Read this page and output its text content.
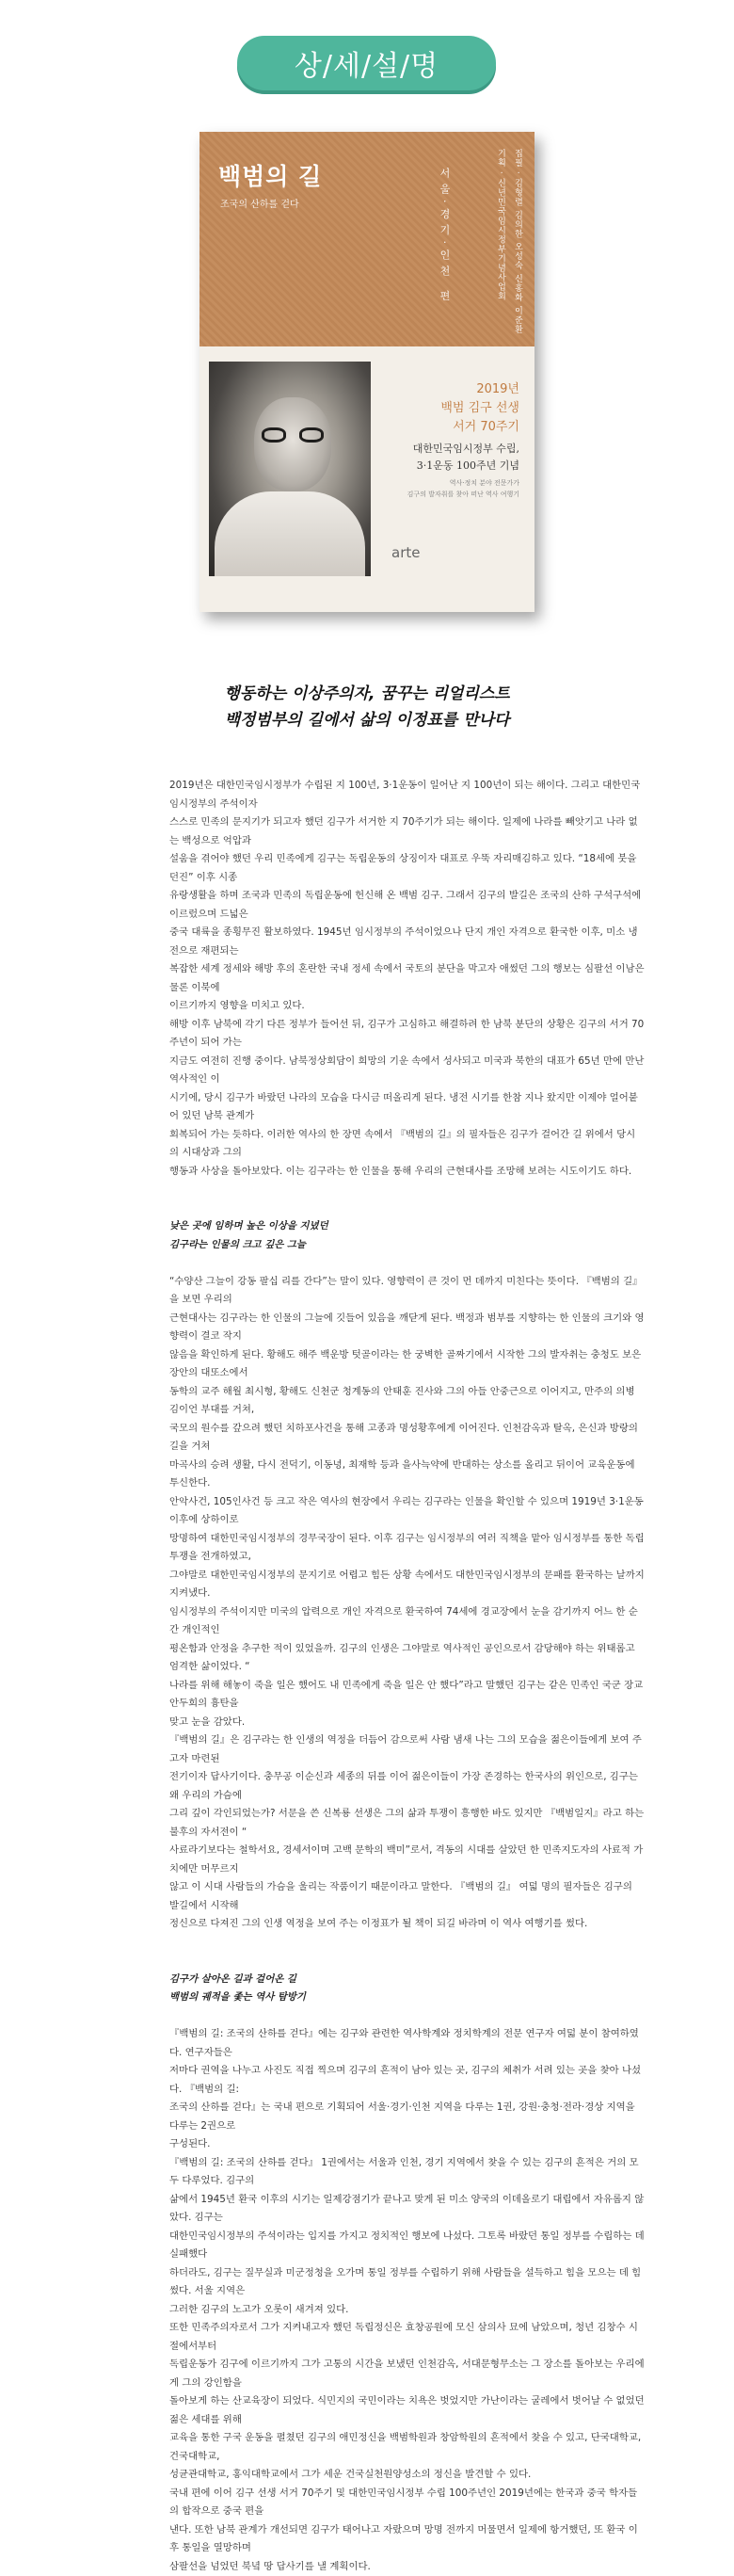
상/세/설/명
백범의 길
조국의 산하를 걷다	서울·경기·인천 편	기획 · 신년민국임시정부기념사업회 집필 · 김형렬 김의한 오성숙 신홍화 이준환
2019년
백범 김구 선생
서거 70주기
대한민국임시정부 수립,
3·1운동 100주년 기념
역사·정치 분야 전문가가
김구의 발자취를 찾아 떠난 역사 여행기
arte
행동하는 이상주의자, 꿈꾸는 리얼리스트
백정범부의 길에서 삶의 이정표를 만나다

2019년은 대한민국임시정부가 수립된 지 100년, 3·1운동이 일어난 지 100년이 되는 해이다. 그리고 대한민국임시정부의 주석이자

스스로 민족의 문지기가 되고자 했던 김구가 서거한 지 70주기가 되는 해이다. 일제에 나라를 빼앗기고 나라 없는 백성으로 억압과

설움을 겪어야 했던 우리 민족에게 김구는 독립운동의 상징이자 대표로 우뚝 자리매김하고 있다. “18세에 붓을 던진” 이후 시종

유랑생활을 하며 조국과 민족의 독립운동에 헌신해 온 백범 김구. 그래서 김구의 발길은 조국의 산하 구석구석에 이르렀으며 드넓은

중국 대륙을 종횡무진 활보하였다. 1945년 임시정부의 주석이었으나 단지 개인 자격으로 환국한 이후, 미소 냉전으로 재편되는

복잡한 세계 정세와 해방 후의 혼란한 국내 정세 속에서 국토의 분단을 막고자 애썼던 그의 행보는 심팔선 이남은 물론 이북에

이르기까지 영향을 미치고 있다.

해방 이후 남북에 각기 다른 정부가 들어선 뒤, 김구가 고심하고 해결하려 한 남북 분단의 상황은 김구의 서거 70주년이 되어 가는

지금도 여전히 진행 중이다. 남북정상회담이 희망의 기운 속에서 성사되고 미국과 북한의 대표가 65년 만에 만난 역사적인 이

시기에, 당시 김구가 바랐던 나라의 모습을 다시금 떠올리게 된다. 냉전 시기를 한참 지나 왔지만 이제야 얼어붙어 있던 남북 관계가

회복되어 가는 듯하다. 이러한 역사의 한 장면 속에서 『백범의 길』의 필자들은 김구가 걸어간 길 위에서 당시의 시대상과 그의

행동과 사상을 돌아보았다. 이는 김구라는 한 인물을 통해 우리의 근현대사를 조망해 보려는 시도이기도 하다.

낮은 곳에 임하며 높은 이상을 지녔던

김구라는 인물의 크고 깊은 그늘

“수양산 그늘이 강동 팔십 리를 간다”는 말이 있다. 영향력이 큰 것이 먼 데까지 미친다는 뜻이다. 『백범의 길』을 보면 우리의

근현대사는 김구라는 한 인물의 그늘에 깃들어 있음을 깨닫게 된다. 백정과 범부를 지향하는 한 인물의 크기와 영향력이 결코 작지

않음을 확인하게 된다. 황해도 해주 백운방 텃골이라는 한 궁벽한 골짜기에서 시작한 그의 발자취는 충청도 보은 장안의 대또소에서

동학의 교주 해월 최시형, 황해도 신천군 청계동의 안태훈 진사와 그의 아들 안중근으로 이어지고, 만주의 의병 김이언 부대를 거쳐,

국모의 원수를 갚으려 했던 치하포사건을 통해 고종과 명성황후에게 이어진다. 인천감옥과 탈옥, 은신과 방랑의 길을 거쳐

마곡사의 승려 생활, 다시 전덕기, 이동녕, 최재학 등과 을사늑약에 반대하는 상소를 올리고 뒤이어 교육운동에 투신한다.

안악사건, 105인사건 등 크고 작은 역사의 현장에서 우리는 김구라는 인물을 확인할 수 있으며 1919년 3·1운동 이후에 상하이로

망명하여 대한민국임시정부의 경무국장이 된다. 이후 김구는 임시정부의 여러 직책을 맡아 임시정부를 통한 독립투쟁을 전개하였고,

그야말로 대한민국임시정부의 문지기로 어렵고 힘든 상황 속에서도 대한민국임시정부의 문패를 환국하는 날까지 지켜냈다.

임시정부의 주석이지만 미국의 압력으로 개인 자격으로 환국하여 74세에 경교장에서 눈을 감기까지 어느 한 순간 개인적인

평온함과 안정을 추구한 적이 있었을까. 김구의 인생은 그야말로 역사적인 공인으로서 감당해야 하는 위태롭고 엄격한 삶이었다. “

나라를 위해 해놓이 죽을 일은 했어도 내 민족에게 죽을 일은 안 했다”라고 말했던 김구는 같은 민족인 국군 장교 안두희의 흉탄을

맞고 눈을 감았다.

『백범의 길』은 김구라는 한 인생의 역정을 더듬어 감으로써 사람 냄새 나는 그의 모습을 젊은이들에게 보여 주고자 마련된

전기이자 답사기이다. 충무공 이순신과 세종의 뒤를 이어 젊은이들이 가장 존경하는 한국사의 위인으로, 김구는 왜 우리의 가슴에

그리 깊이 각인되었는가? 서문을 쓴 신복룡 선생은 그의 삶과 투쟁이 흥행한 바도 있지만 『백범일지』라고 하는 불후의 자서전이 “

사료라기보다는 철학서요, 경세서이며 고백 문학의 백미”로서, 격동의 시대를 살았던 한 민족지도자의 사료적 가치에만 머무르지

않고 이 시대 사람들의 가슴을 울리는 작품이기 때문이라고 말한다. 『백범의 길』 여덟 명의 필자들은 김구의 발길에서 시작해

정신으로 다져진 그의 인생 역정을 보여 주는 이정표가 될 책이 되길 바라며 이 역사 여행기를 썼다.

김구가 살아온 길과 걸어온 길

백범의 궤적을 좇는 역사 탐방기

『백범의 길: 조국의 산하를 걷다』에는 김구와 관련한 역사학계와 정치학계의 전문 연구자 여덟 분이 참여하였다. 연구자들은

저마다 권역을 나누고 사진도 직접 찍으며 김구의 흔적이 남아 있는 곳, 김구의 체취가 서려 있는 곳을 찾아 나섰다. 『백범의 길:

조국의 산하를 걷다』는 국내 편으로 기획되어 서울·경기·인천 지역을 다루는 1권, 강원·충청·전라·경상 지역을 다루는 2권으로

구성된다.

『백범의 길: 조국의 산하를 걷다』 1권에서는 서울과 인천, 경기 지역에서 찾을 수 있는 김구의 흔적은 거의 모두 다루었다. 김구의

삶에서 1945년 환국 이후의 시기는 일제강점기가 끝나고 맞게 된 미소 양국의 이데올로기 대립에서 자유롭지 않았다. 김구는

대한민국임시정부의 주석이라는 입지를 가지고 정치적인 행보에 나섰다. 그토록 바랐던 통일 정부를 수립하는 데 실패했다

하더라도, 김구는 질무실과 미군정청을 오가며 통일 정부를 수립하기 위해 사람들을 설득하고 힘을 모으는 데 힘썼다. 서울 지역은

그러한 김구의 노고가 오롯이 새겨져 있다.

또한 민족주의자로서 그가 지켜내고자 했던 독립정신은 효창공원에 모신 삼의사 묘에 남았으며, 청년 김창수 시절에서부터

독립운동가 김구에 이르기까지 그가 고통의 시간을 보냈던 인천감옥, 서대문형무소는 그 장소를 돌아보는 우리에게 그의 강인함을

돌아보게 하는 산교육장이 되었다. 식민지의 국민이라는 치욕은 벗었지만 가난이라는 굴레에서 벗어날 수 없었던 젊은 세대를 위해

교육을 통한 구국 운동을 펼쳤던 김구의 애민정신을 백범학원과 창암학원의 흔적에서 찾을 수 있고, 단국대학교, 건국대학교,

성균관대학교, 홍익대학교에서 그가 세운 건국실천원양성소의 정신을 발견할 수 있다.

국내 편에 이어 김구 선생 서거 70주기 및 대한민국임시정부 수립 100주년인 2019년에는 한국과 중국 학자들의 합작으로 중국 편을

낸다. 또한 남북 관계가 개선되면 김구가 태어나고 자랐으며 망명 전까지 머물면서 일제에 항거했던, 또 환국 이후 통일을 열망하며

삼팔선을 넘었던 북녘 땅 답사기를 낼 계획이다.
